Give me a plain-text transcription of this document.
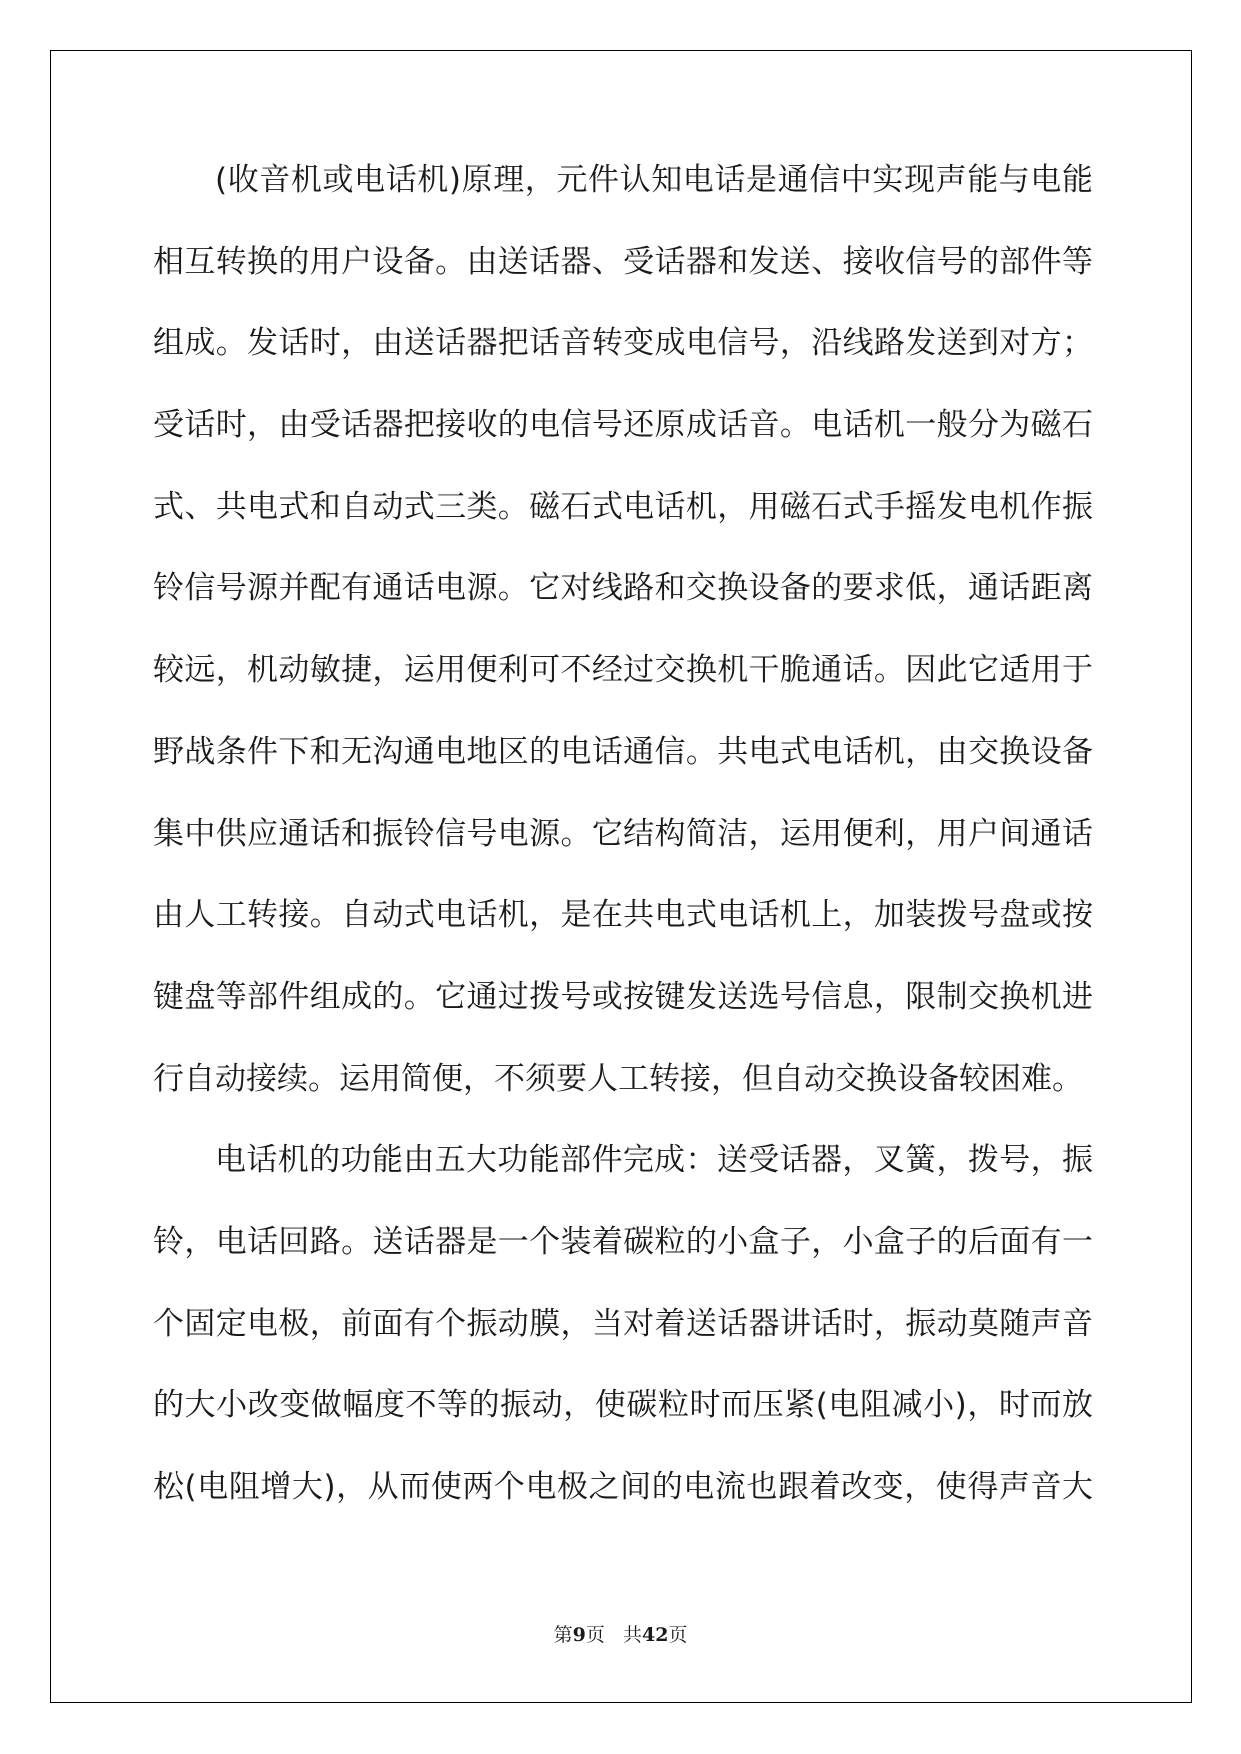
(收音机或电话机)原理，元件认知电话是通信中实现声能与电能
相互转换的用户设备。由送话器、受话器和发送、接收信号的部件等
组成。发话时，由送话器把话音转变成电信号，沿线路发送到对方；
受话时，由受话器把接收的电信号还原成话音。电话机一般分为磁石
式、共电式和自动式三类。磁石式电话机，用磁石式手摇发电机作振
铃信号源并配有通话电源。它对线路和交换设备的要求低，通话距离
较远，机动敏捷，运用便利可不经过交换机干脆通话。因此它适用于
野战条件下和无沟通电地区的电话通信。共电式电话机，由交换设备
集中供应通话和振铃信号电源。它结构简洁，运用便利，用户间通话
由人工转接。自动式电话机，是在共电式电话机上，加装拨号盘或按
键盘等部件组成的。它通过拨号或按键发送选号信息，限制交换机进
行自动接续。运用简便，不须要人工转接，但自动交换设备较困难。
电话机的功能由五大功能部件完成：送受话器，叉簧，拨号，振
铃，电话回路。送话器是一个装着碳粒的小盒子，小盒子的后面有一
个固定电极，前面有个振动膜，当对着送话器讲话时，振动莫随声音
的大小改变做幅度不等的振动，使碳粒时而压紧(电阻减小)，时而放
松(电阻增大)，从而使两个电极之间的电流也跟着改变，使得声音大
第9页 共42页
